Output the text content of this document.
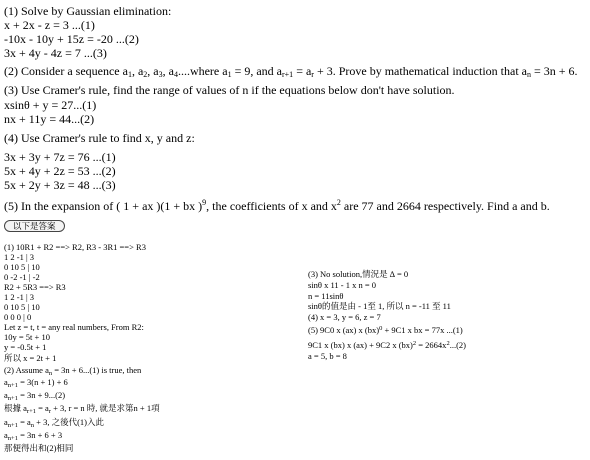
(1) Solve by Gaussian elimination:
x + 2x - z = 3 ...(1)
-10x - 10y + 15z = -20 ...(2)
3x + 4y - 4z = 7 ...(3)
(2) Consider a sequence $a_1$, $a_2$, $a_3$, $a_4....where$ $a_1 = 9$, and $a_{r+1} = a_r + 3$. Prove by mathematical induction that $a_n = 3n + 6$.
(3) Use Cramer's rule, find the range of values of n if the equations below don't have solution.
xsinθ + y = 27...(1)
nx + 11y = 44...(2)
(4) Use Cramer's rule to find x, y and z:
3x + 3y + 7z = 76 ...(1)
5x + 4y + 2z = 53 ...(2)
5x + 2y + 3z = 48 ...(3)
(5) In the expansion of ( 1 + ax )(1 + bx )$^9$, the coefficients of x and $x^2$ are 77 and 2664 respectively. Find a and b.
以下是答案
(1) 10R1 + R2 ==> R2, R3 - 3R1 ==> R3
1 2 -1 | 3
0 10 5 | 10
0 -2 -1 | -2
R2 + 5R3 ==> R3
1 2 -1 | 3
0 10 5 | 10
0 0 0 | 0
Let z = t, t = any real numbers, From R2:
10y = 5t + 10
y = -0.5t + 1
所以 x = 2t + 1
(2) Assume $a_n = 3n + 6...(1)$ is true, then
$a_{n+1} = 3(n + 1) + 6$
$a_{n+1} = 3n + 9...(2)$
根據 $a_{r+1} = a_r + 3$, r = n 時, 就是求第n + 1項
$a_{n+1} = a_n + 3$, 之後代(1)入此
$a_{n+1} = 3n + 6 + 3$
那便得出和(2)相同
(3) No solution,情況是 ∆ = 0
sinθ x 11 - 1 x n = 0
n = 11sinθ
sinθ的值是由 - 1至 1, 所以 n = -11 至 11
(4) x = 3, y = 6, z = 7
(5) 9C0 x (ax) x (bx)$^0$ + 9C1 x bx = 77x ...(1)
9C1 x (bx) x (ax) + 9C2 x $(bx)^2 = 2664x^2...(2)$
a = 5, b = 8
